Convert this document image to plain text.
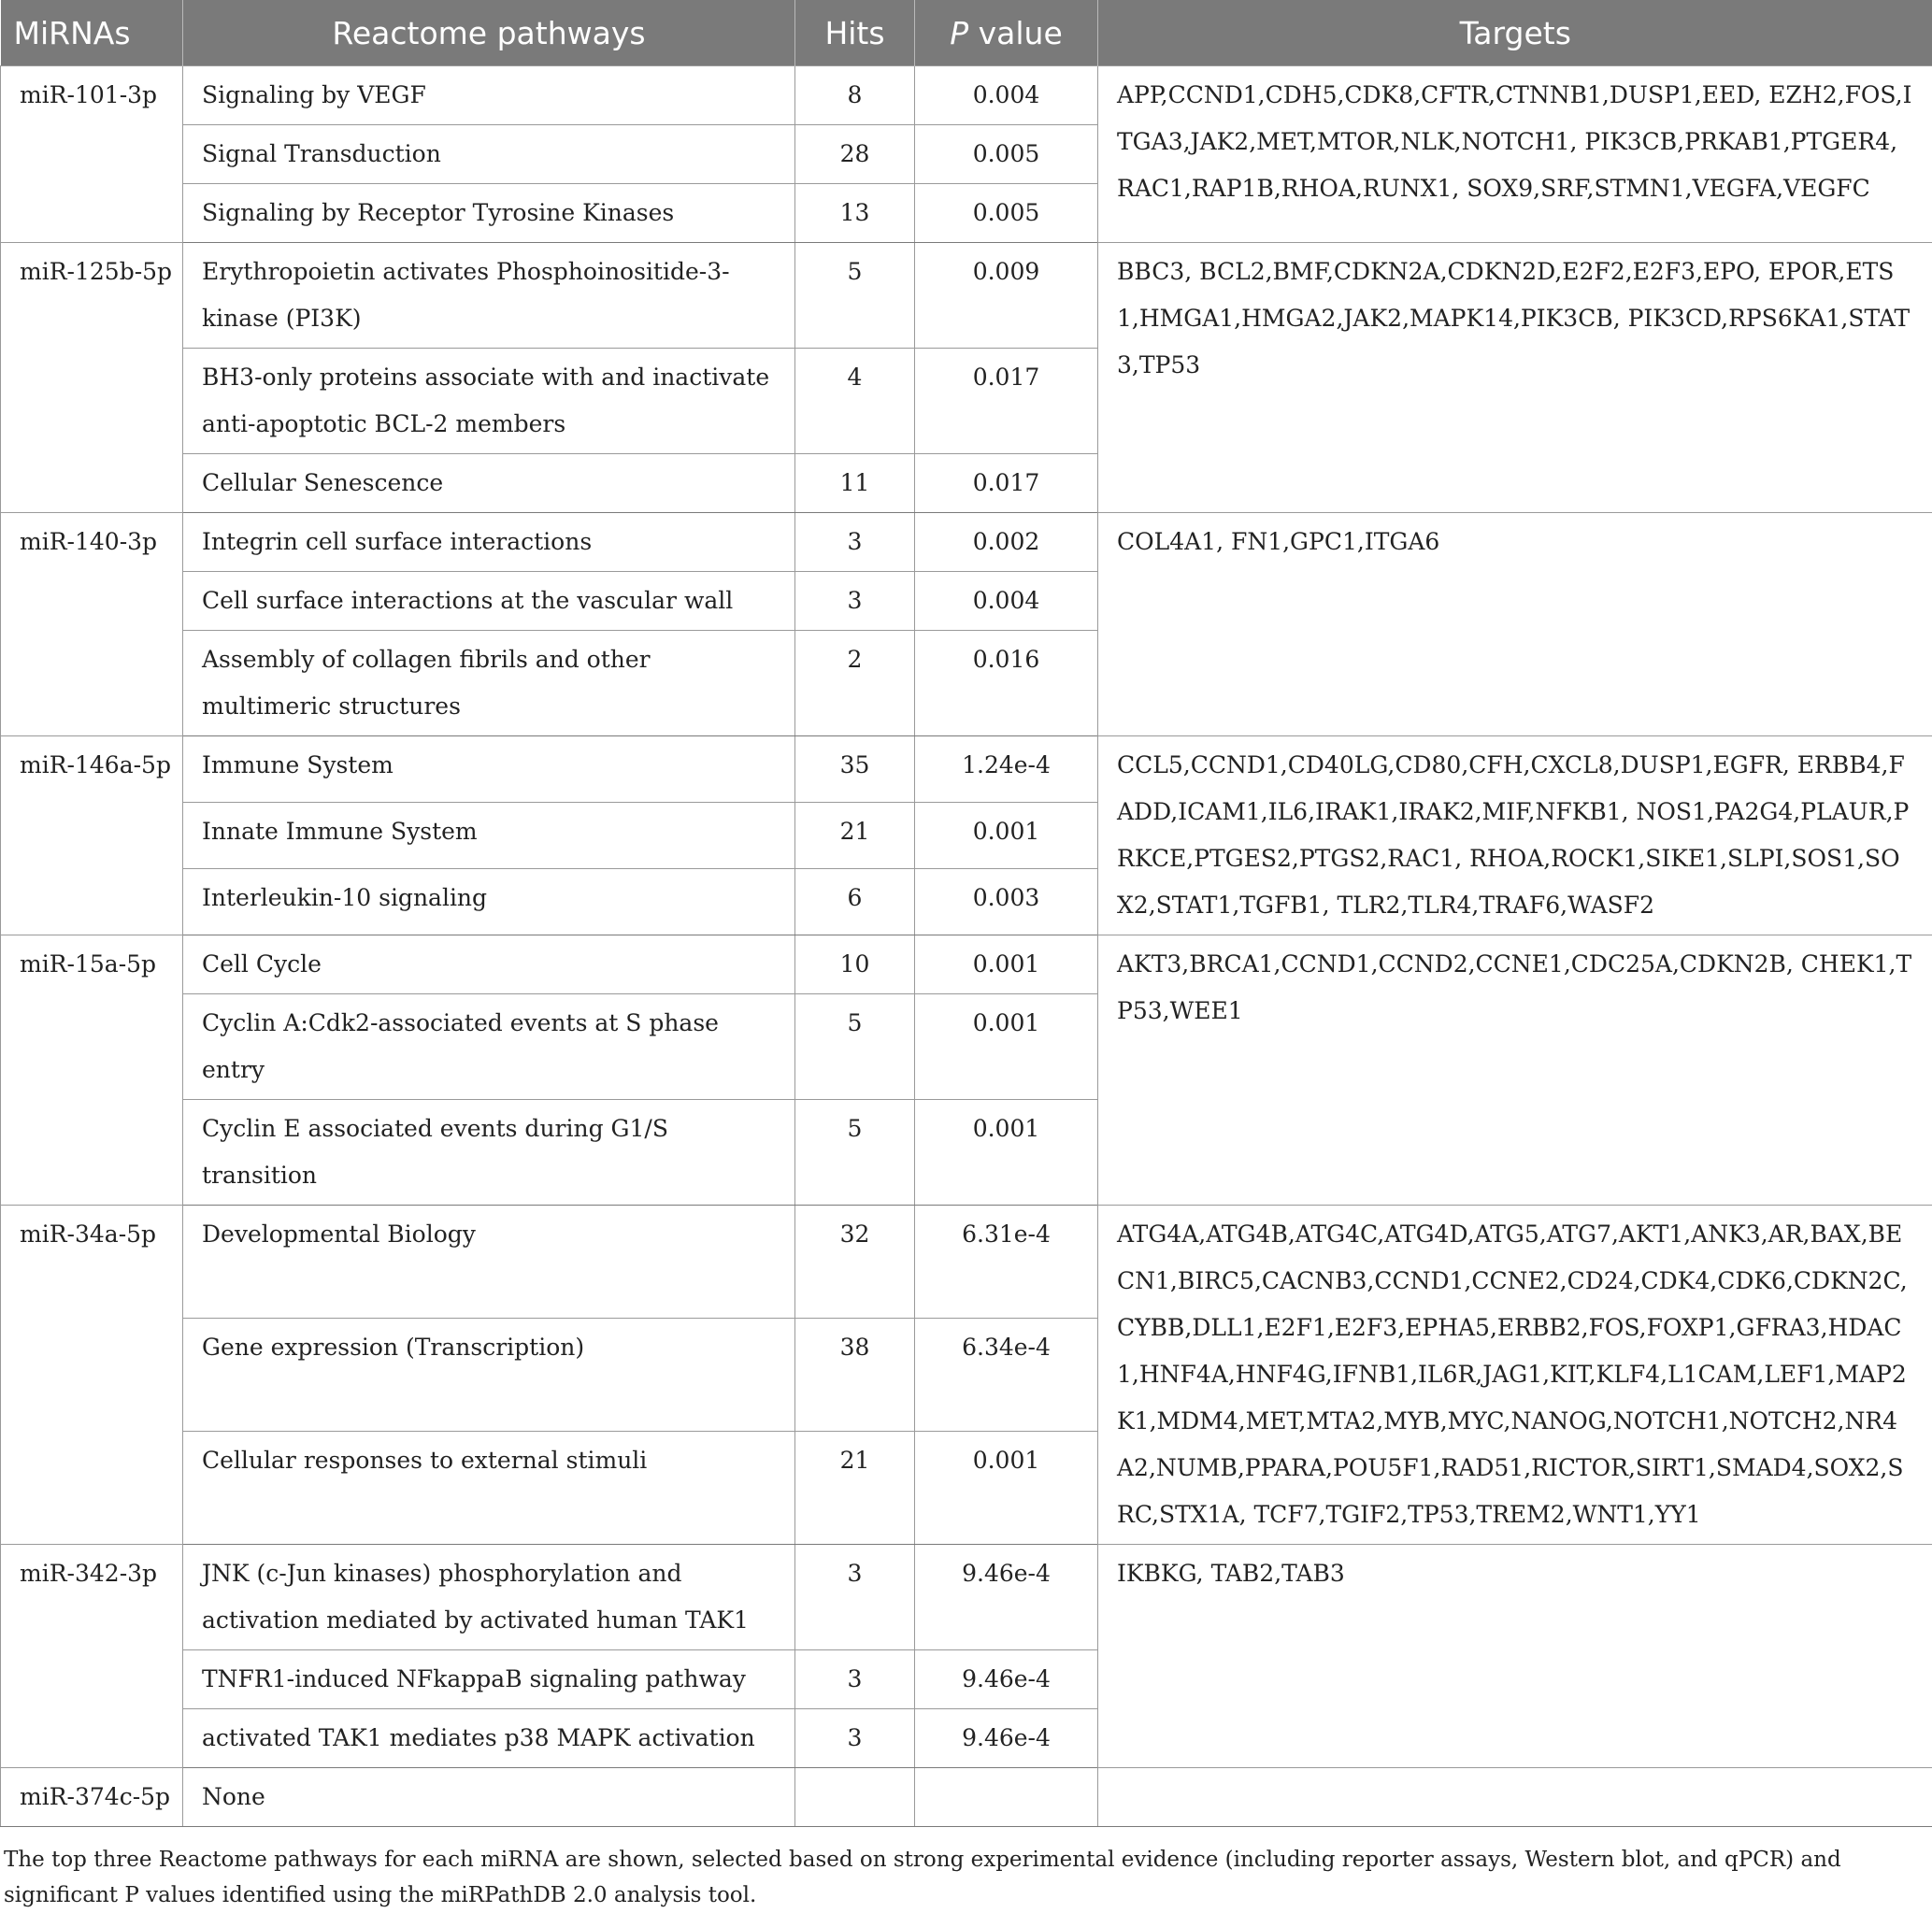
MiRNAs	Reactome pathways	Hits	P value	Targets
miR-101-3p	Signaling by VEGF	8	0.004	APP,CCND1,CDH5,CDK8,CFTR,CTNNB1,DUSP1,EED, EZH2,FOS,ITGA3,JAK2,MET,MTOR,NLK,NOTCH1, PIK3CB,PRKAB1,PTGER4,RAC1,RAP1B,RHOA,RUNX1, SOX9,SRF,STMN1,VEGFA,VEGFC
	Signal Transduction	28	0.005	
	Signaling by Receptor Tyrosine Kinases	13	0.005	
miR-125b-5p	Erythropoietin activates Phosphoinositide-3-kinase (PI3K)	5	0.009	BBC3, BCL2,BMF,CDKN2A,CDKN2D,E2F2,E2F3,EPO, EPOR,ETS1,HMGA1,HMGA2,JAK2,MAPK14,PIK3CB, PIK3CD,RPS6KA1,STAT3,TP53
	BH3-only proteins associate with and inactivate anti-apoptotic BCL-2 members	4	0.017	
	Cellular Senescence	11	0.017	
miR-140-3p	Integrin cell surface interactions	3	0.002	COL4A1, FN1,GPC1,ITGA6
	Cell surface interactions at the vascular wall	3	0.004	
	Assembly of collagen fibrils and other multimeric structures	2	0.016	
miR-146a-5p	Immune System	35	1.24e-4	CCL5,CCND1,CD40LG,CD80,CFH,CXCL8,DUSP1,EGFR, ERBB4,FADD,ICAM1,IL6,IRAK1,IRAK2,MIF,NFKB1, NOS1,PA2G4,PLAUR,PRKCE,PTGES2,PTGS2,RAC1, RHOA,ROCK1,SIKE1,SLPI,SOS1,SOX2,STAT1,TGFB1, TLR2,TLR4,TRAF6,WASF2
	Innate Immune System	21	0.001	
	Interleukin-10 signaling	6	0.003	
miR-15a-5p	Cell Cycle	10	0.001	AKT3,BRCA1,CCND1,CCND2,CCNE1,CDC25A,CDKN2B, CHEK1,TP53,WEE1
	Cyclin A:Cdk2-associated events at S phase entry	5	0.001	
	Cyclin E associated events during G1/S transition	5	0.001	
miR-34a-5p	Developmental Biology	32	6.31e-4	ATG4A,ATG4B,ATG4C,ATG4D,ATG5,ATG7,AKT1,ANK3,AR,BAX,BECN1,BIRC5,CACNB3,CCND1,CCNE2,CD24,CDK4,CDK6,CDKN2C,CYBB,DLL1,E2F1,E2F3,EPHA5,ERBB2,FOS,FOXP1,GFRA3,HDAC1,HNF4A,HNF4G,IFNB1,IL6R,JAG1,KIT,KLF4,L1CAM,LEF1,MAP2K1,MDM4,MET,MTA2,MYB,MYC,NANOG,NOTCH1,NOTCH2,NR4A2,NUMB,PPARA,POU5F1,RAD51,RICTOR,SIRT1,SMAD4,SOX2,SRC,STX1A, TCF7,TGIF2,TP53,TREM2,WNT1,YY1
	Gene expression (Transcription)	38	6.34e-4	
	Cellular responses to external stimuli	21	0.001	
miR-342-3p	JNK (c-Jun kinases) phosphorylation and activation mediated by activated human TAK1	3	9.46e-4	IKBKG, TAB2,TAB3
	TNFR1-induced NFkappaB signaling pathway	3	9.46e-4	
	activated TAK1 mediates p38 MAPK activation	3	9.46e-4	
miR-374c-5p	None			

The top three Reactome pathways for each miRNA are shown, selected based on strong experimental evidence (including reporter assays, Western blot, and qPCR) and significant P values identified using the miRPathDB 2.0 analysis tool.
